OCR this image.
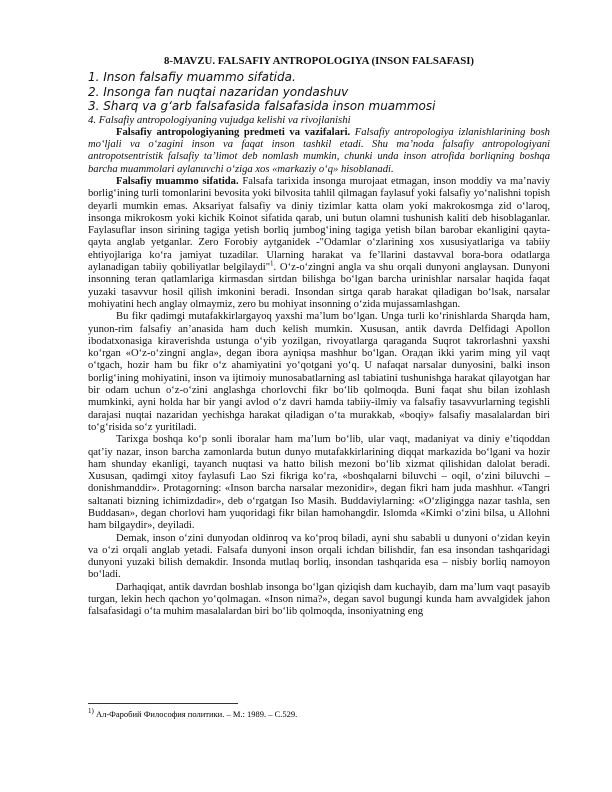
8-MAVZU. FALSAFIY ANTROPOLOGIYA (INSON FALSAFASI)
1. Inson falsafiy muammo sifatida.
2. Insonga fan nuqtai nazaridan yondashuv
3. Sharq va g‘arb falsafasida falsafasida inson muammosi
4. Falsafiy antropologiyaning vujudga kelishi va rivojlanishi

Falsafiy antropologiyaning predmeti va vazifalari. Falsafiy antropologiya izlanishlarining bosh mo‘ljali va o‘zagini inson va faqat inson tashkil etadi. Shu ma’noda falsafiy antropologiyani antropotsentristik falsafiy ta’limot deb nomlash mumkin, chunki unda inson atrofida borliqning boshqa barcha muammolari aylanuvchi o‘ziga xos «markaziy o‘q» hisoblanadi.

Falsafiy muammo sifatida. Falsafa tarixida insonga murojaat etmagan, inson moddiy va ma’naviy borlig‘ining turli tomonlarini bevosita yoki bilvosita tahlil qilmagan faylasuf yoki falsafiy yo‘nalishni topish deyarli mumkin emas. Aksariyat falsafiy va diniy tizimlar katta olam yoki makrokosmga zid o‘laroq, insonga mikrokosm yoki kichik Koinot sifatida qarab, uni butun olamni tushunish kaliti deb hisoblaganlar. Faylasuflar inson sirining tagiga yetish borliq jumbog‘ining tagiga yetish bilan barobar ekanligini qayta-qayta anglab yetganlar. Zero Forobiy aytganidek -"Odamlar o‘zlarining xos xususiyatlariga va tabiiy ehtiyojlariga ko‘ra jamiyat tuzadilar. Ularning harakat va fe’llarini dastavval bora-bora odatlarga aylanadigan tabiiy qobiliyatlar belgilaydi"$^1$. O‘z-o‘zingni angla va shu orqali dunyoni anglaysan. Dunyoni insonning teran qatlamlariga kirmasdan sirtdan bilishga bo‘lgan barcha urinishlar narsalar haqida faqat yuzaki tasavvur hosil qilish imkonini beradi. Insondan sirtga qarab harakat qiladigan bo‘lsak, narsalar mohiyatini hech anglay olmaymiz, zero bu mohiyat insonning o‘zida mujassamlashgan.

Bu fikr qadimgi mutafakkirlargayoq yaxshi ma’lum bo‘lgan. Unga turli ko‘rinishlarda Sharqda ham, yunon-rim falsafiy an’anasida ham duch kelish mumkin. Xususan, antik davrda Delfidagi Apollon ibodatxonasiga kiraverishda ustunga o‘yib yozilgan, rivoyatlarga qaraganda Suqrot takrorlashni yaxshi ko‘rgan «O‘z-o‘zingni angla», degan ibora ayniqsa mashhur bo‘lgan. Orадan ikki yarim ming yil vaqt o‘tgach, hozir ham bu fikr o‘z ahamiyatini yo‘qotgani yo‘q. U nafaqat narsalar dunyosini, balki inson borlig‘ining mohiyatini, inson va ijtimoiy munosabatlarning asl tabiatini tushunishga harakat qilayotgan har bir odam uchun o‘z-o‘zini anglashga chorlovchi fikr bo‘lib qolmoqda. Buni faqat shu bilan izohlash mumkinki, ayni holda har bir yangi avlod o‘z davri hamda tabiiy-ilmiy va falsafiy tasavvurlarning tegishli darajasi nuqtai nazaridan yechishga harakat qiladigan o‘ta murakkab, «boqiy» falsafiy masalalardan biri to‘g‘risida so‘z yuritiladi.

Tarixga boshqa ko‘p sonli iboralar ham ma’lum bo‘lib, ular vaqt, madaniyat va diniy e’tiqoddan qat’iy nazar, inson barcha zamonlarda butun dunyo mutafakkirlarining diqqat markazida bo‘lgani va hozir ham shunday ekanligi, tayanch nuqtasi va hatto bilish mezoni bo‘lib xizmat qilishidan dalolat beradi. Xususan, qadimgi xitoy faylasufi Lao Szi fikriga ko‘ra, «boshqalarni biluvchi – oqil, o‘zini biluvchi – donishmanddir». Protagorning: «Inson barcha narsalar mezonidir», degan fikri ham juda mashhur. «Tangri saltanati bizning ichimizdadir», deb o‘rgatgan Iso Masih. Buddaviylarning: «O‘zligingga nazar tashla, sen Buddasan», degan chorlovi ham yuqoridagi fikr bilan hamohangdir. Islomda «Kimki o‘zini bilsa, u Allohni ham bilgaydir», deyiladi.

Demak, inson o‘zini dunyodan oldinroq va ko‘proq biladi, ayni shu sababli u dunyoni o‘zidan keyin va o‘zi orqali anglab yetadi. Falsafa dunyoni inson orqali ichdan bilishdir, fan esa insondan tashqaridagi dunyoni yuzaki bilish demakdir. Insonda mutlaq borliq, insondan tashqarida esa – nisbiy borliq namoyon bo‘ladi.

Darhaqiqat, antik davrdan boshlab insonga bo‘lgan qiziqish dam kuchayib, dam ma’lum vaqt pasayib turgan, lekin hech qachon yo‘qolmagan. «Inson nima?», degan savol bugungi kunda ham avvalgidek jahon falsafasidagi o‘ta muhim masalalardan biri bo‘lib qolmoqda, insoniyatning eng

$^{1)}$ Ал-Фаробий Философия политики. – М.: 1989. – С.529.
